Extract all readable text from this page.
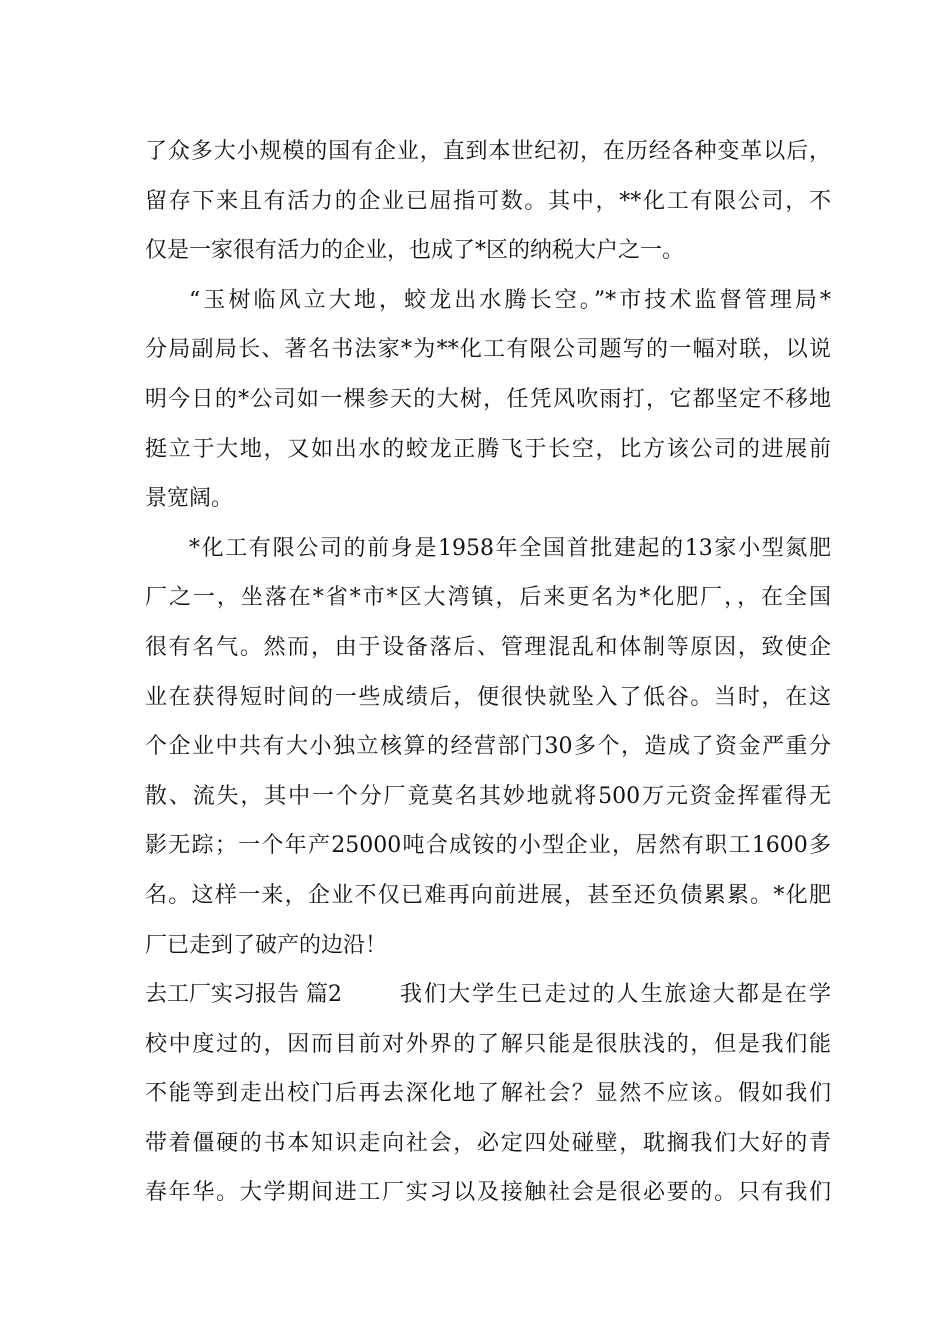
了众多大小规模的国有企业，直到本世纪初，在历经各种变革以后，
留存下来且有活力的企业已屈指可数。其中，**化工有限公司，不
仅是一家很有活力的企业，也成了*区的纳税大户之一。
“玉树临风立大地，蛟龙出水腾长空。”*市技术监督管理局*
分局副局长、著名书法家*为**化工有限公司题写的一幅对联，以说
明今日的*公司如一棵参天的大树，任凭风吹雨打，它都坚定不移地
挺立于大地，又如出水的蛟龙正腾飞于长空，比方该公司的进展前
景宽阔。
*化工有限公司的前身是1958年全国首批建起的13家小型氮肥
厂之一，坐落在*省*市*区大湾镇，后来更名为*化肥厂，，在全国
很有名气。然而，由于设备落后、管理混乱和体制等原因，致使企
业在获得短时间的一些成绩后，便很快就坠入了低谷。当时，在这
个企业中共有大小独立核算的经营部门30多个，造成了资金严重分
散、流失，其中一个分厂竟莫名其妙地就将500万元资金挥霍得无
影无踪；一个年产25000吨合成铵的小型企业，居然有职工1600多
名。这样一来，企业不仅已难再向前进展，甚至还负债累累。*化肥
厂已走到了破产的边沿！
去工厂实习报告 篇2	我们大学生已走过的人生旅途大都是在学
校中度过的，因而目前对外界的了解只能是很肤浅的，但是我们能
不能等到走出校门后再去深化地了解社会？显然不应该。假如我们
带着僵硬的书本知识走向社会，必定四处碰壁，耽搁我们大好的青
春年华。大学期间进工厂实习以及接触社会是很必要的。只有我们
